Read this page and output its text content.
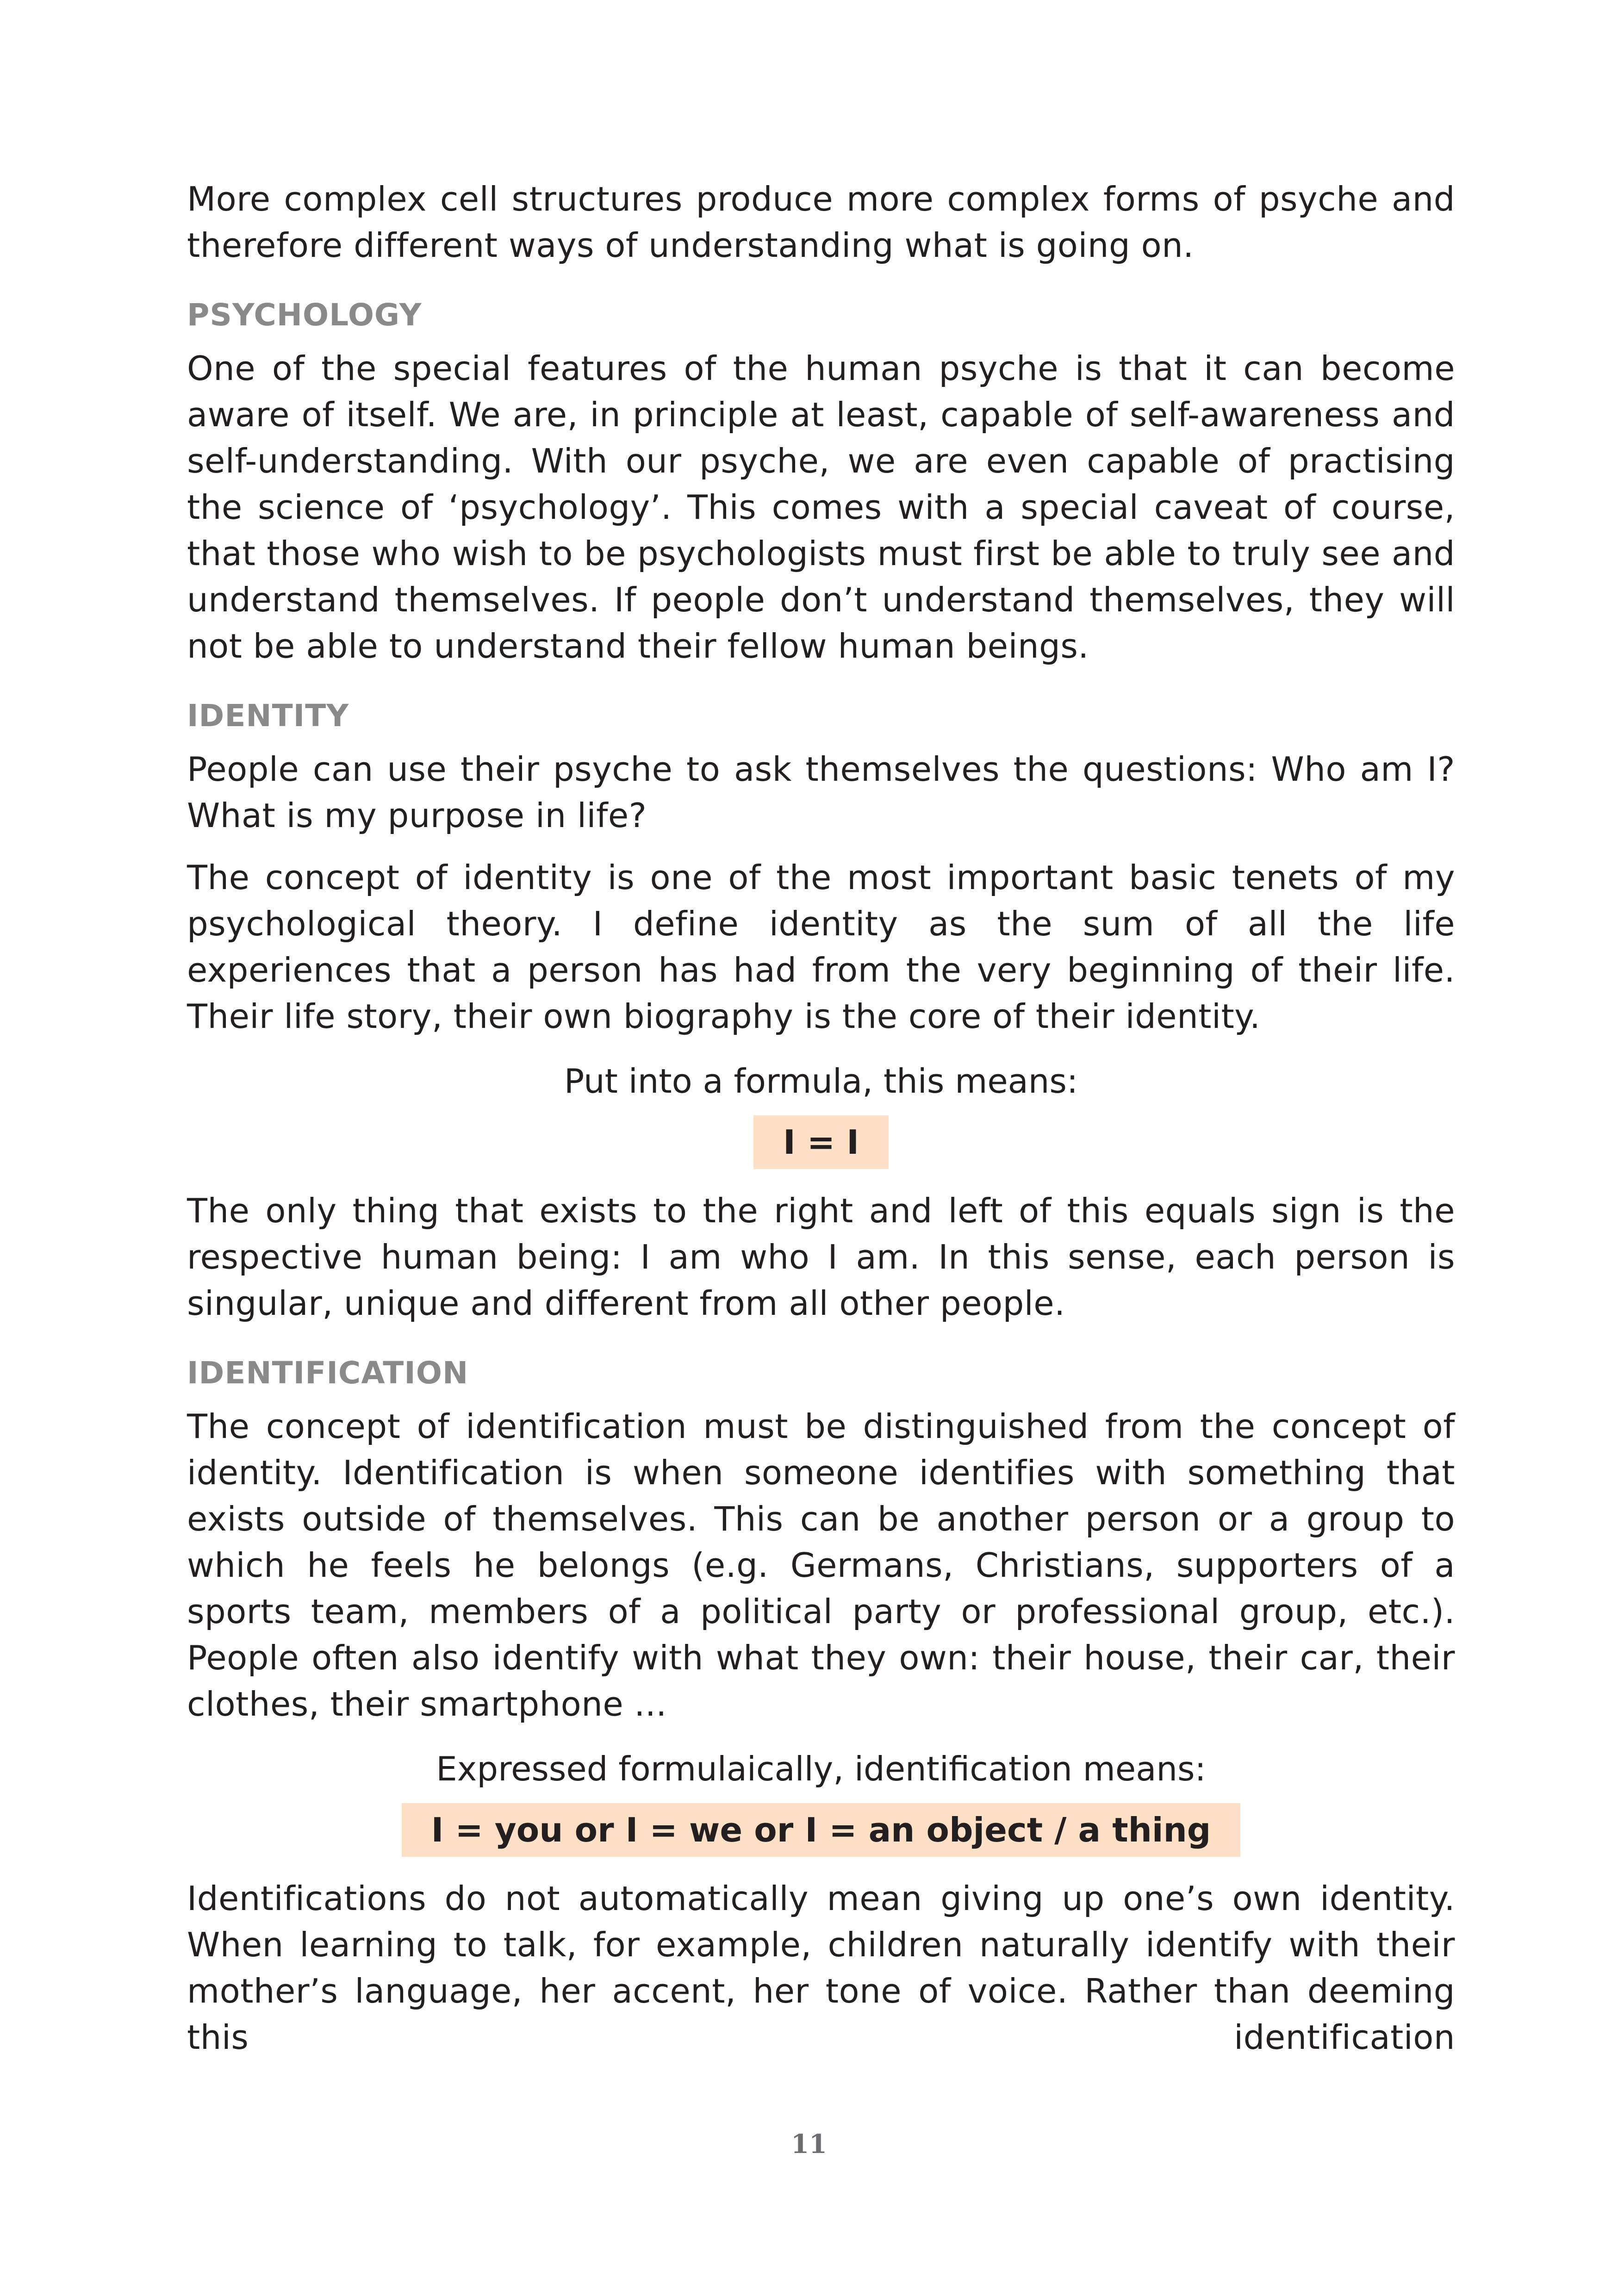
More complex cell structures produce more complex forms of psyche and therefore different ways of understanding what is going on.

PSYCHOLOGY

One of the special features of the human psyche is that it can become aware of itself. We are, in principle at least, capable of self-awareness and self-understanding. With our psyche, we are even capable of practising the science of ‘psychology’. This comes with a special caveat of course, that those who wish to be psychologists must first be able to truly see and understand themselves. If people don’t understand themselves, they will not be able to understand their fellow human beings.

IDENTITY

People can use their psyche to ask themselves the questions: Who am I? What is my purpose in life?

The concept of identity is one of the most important basic tenets of my psychological theory. I define identity as the sum of all the life experiences that a person has had from the very beginning of their life. Their life story, their own biography is the core of their identity.

Put into a formula, this means:

I = I

The only thing that exists to the right and left of this equals sign is the respective human being: I am who I am. In this sense, each person is singular, unique and different from all other people.

IDENTIFICATION

The concept of identification must be distinguished from the concept of identity. Identification is when someone identifies with something that exists outside of themselves. This can be another person or a group to which he feels he belongs (e.g. Germans, Christians, supporters of a sports team, members of a political party or professional group, etc.). People often also identify with what they own: their house, their car, their clothes, their smartphone ...

Expressed formulaically, identification means:

I = you or I = we or I = an object / a thing

Identifications do not automatically mean giving up one’s own identity. When learning to talk, for example, children naturally identify with their mother’s language, her accent, her tone of voice. Rather than deeming this identification

11
